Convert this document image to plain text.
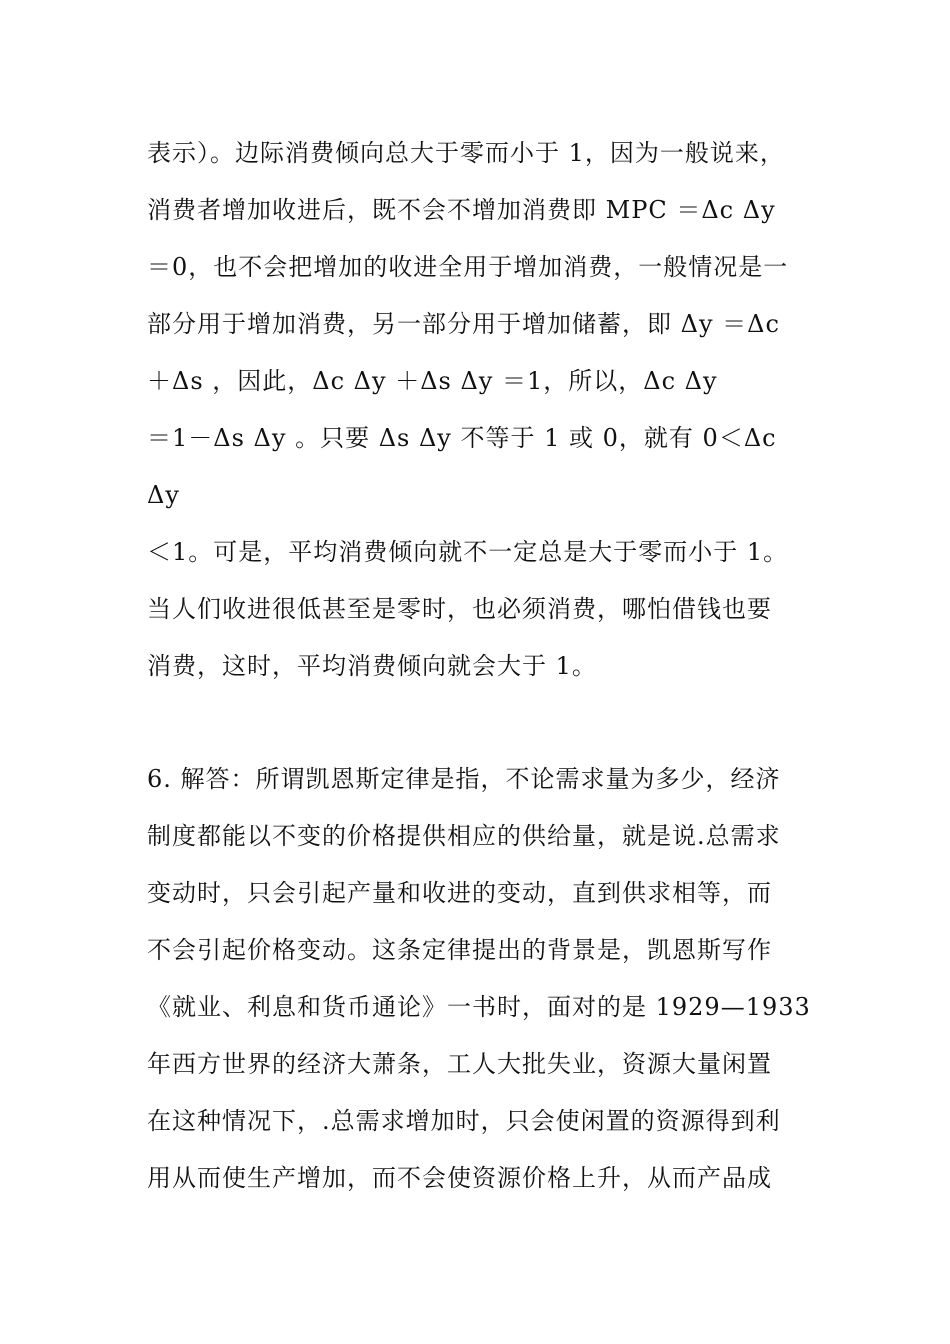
表示）。边际消费倾向总大于零而小于 1，因为一般说来，
消费者增加收进后，既不会不增加消费即 MPC ＝Δc Δy
＝0，也不会把增加的收进全用于增加消费，一般情况是一
部分用于增加消费，另一部分用于增加储蓄，即 Δy ＝Δc
＋Δs ，因此，Δc Δy ＋Δs Δy ＝1，所以，Δc Δy
＝1－Δs Δy 。只要 Δs Δy 不等于 1 或 0，就有 0＜Δc
Δy
＜1。可是，平均消费倾向就不一定总是大于零而小于 1。
当人们收进很低甚至是零时，也必须消费，哪怕借钱也要
消费，这时，平均消费倾向就会大于 1。
6. 解答：所谓凯恩斯定律是指，不论需求量为多少，经济
制度都能以不变的价格提供相应的供给量，就是说.总需求
变动时，只会引起产量和收进的变动，直到供求相等，而
不会引起价格变动。这条定律提出的背景是，凯恩斯写作
《就业、利息和货币通论》一书时，面对的是 1929—1933
年西方世界的经济大萧条，工人大批失业，资源大量闲置
在这种情况下，.总需求增加时，只会使闲置的资源得到利
用从而使生产增加，而不会使资源价格上升，从而产品成
